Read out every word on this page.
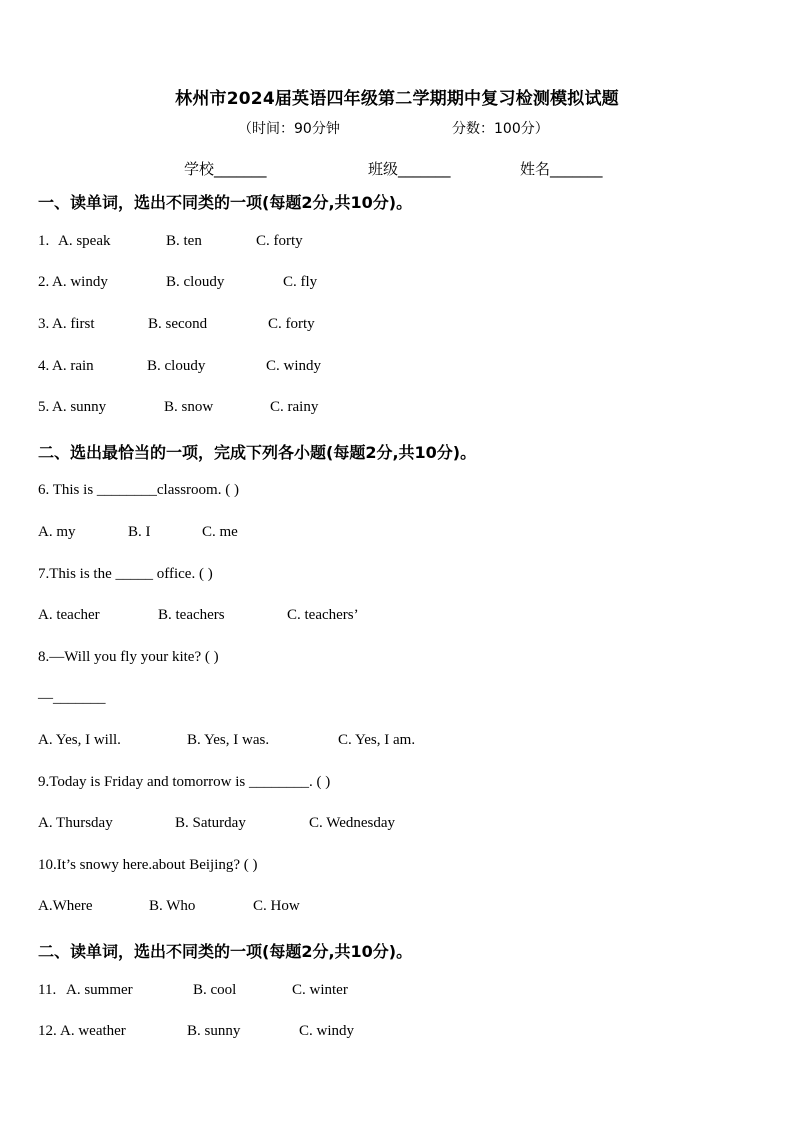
林州市2024届英语四年级第二学期期中复习检测模拟试题
（时间：90分钟	分数：100分）
学校_______	班级_______	姓名_______
一、读单词，选出不同类的一项(每题2分,共10分)。
1. A. speak	B. ten	C. forty
2. A. windy	B. cloudy	C. fly
3. A. first	B. second	C. forty
4. A. rain	B. cloudy	C. windy
5. A. sunny	B. snow	C. rainy
二、选出最恰当的一项，完成下列各小题(每题2分,共10分)。
6. This is ________classroom. ( )
A. my	B. I	C. me
7.This is the _____ office. ( )
A. teacher	B. teachers	C. teachers’
8.—Will you fly your kite? ( )
—_______
A. Yes, I will.	B. Yes, I was.	C. Yes, I am.
9.Today is Friday and tomorrow is ________. ( )
A. Thursday	B. Saturday	C. Wednesday
10.It’s snowy here.about Beijing? ( )
A.Where	B. Who	C. How
二、读单词，选出不同类的一项(每题2分,共10分)。
11. A. summer	B. cool	C. winter
12. A. weather	B. sunny	C. windy
